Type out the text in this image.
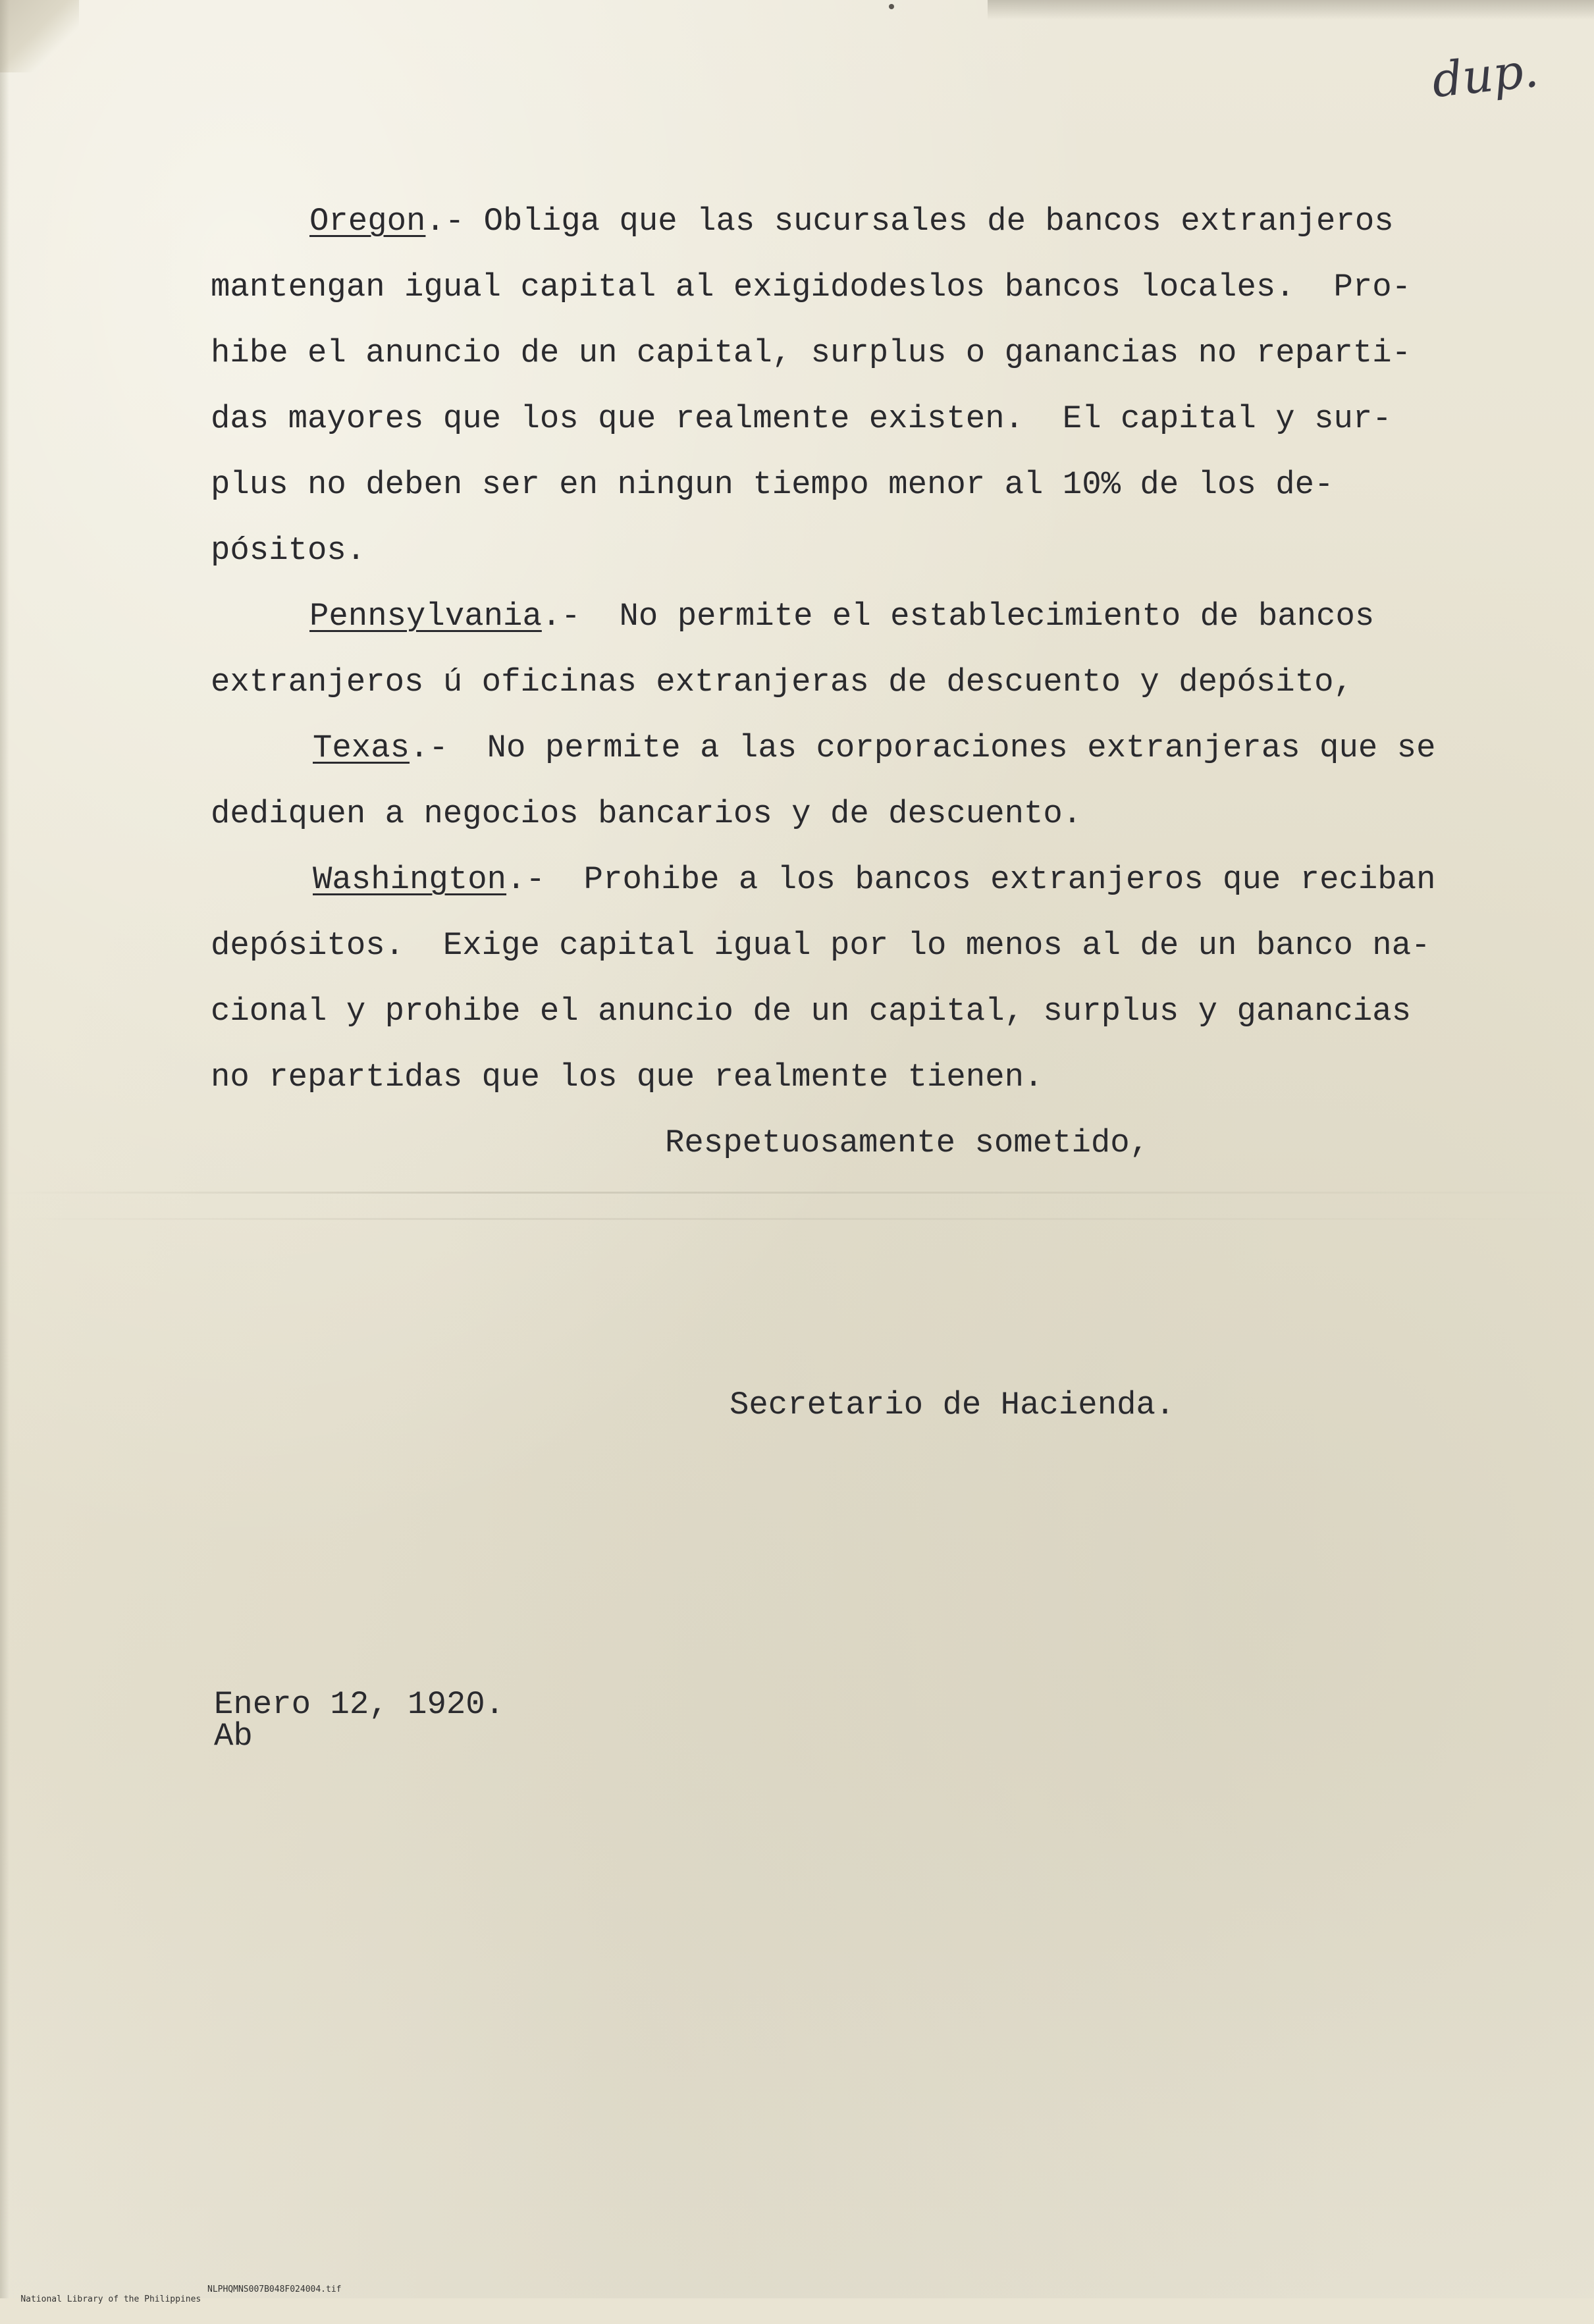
dup.
Oregon.- Obliga que las sucursales de bancos extranjeros
mantengan igual capital al exigidodeslos bancos locales.  Pro-
hibe el anuncio de un capital, surplus o ganancias no reparti-
das mayores que los que realmente existen.  El capital y sur-
plus no deben ser en ningun tiempo menor al 10% de los de-
pósitos.
Pennsylvania.-  No permite el establecimiento de bancos
extranjeros ú oficinas extranjeras de descuento y depósito,
Texas.-  No permite a las corporaciones extranjeras que se
dediquen a negocios bancarios y de descuento.
Washington.-  Prohibe a los bancos extranjeros que reciban
depósitos.  Exige capital igual por lo menos al de un banco na-
cional y prohibe el anuncio de un capital, surplus y ganancias
no repartidas que los que realmente tienen.
Respetuosamente sometido,
Secretario de Hacienda.
Enero 12, 1920.
Ab

National Library of the Philippines

NLPHQMNS007B048F024004.tif
